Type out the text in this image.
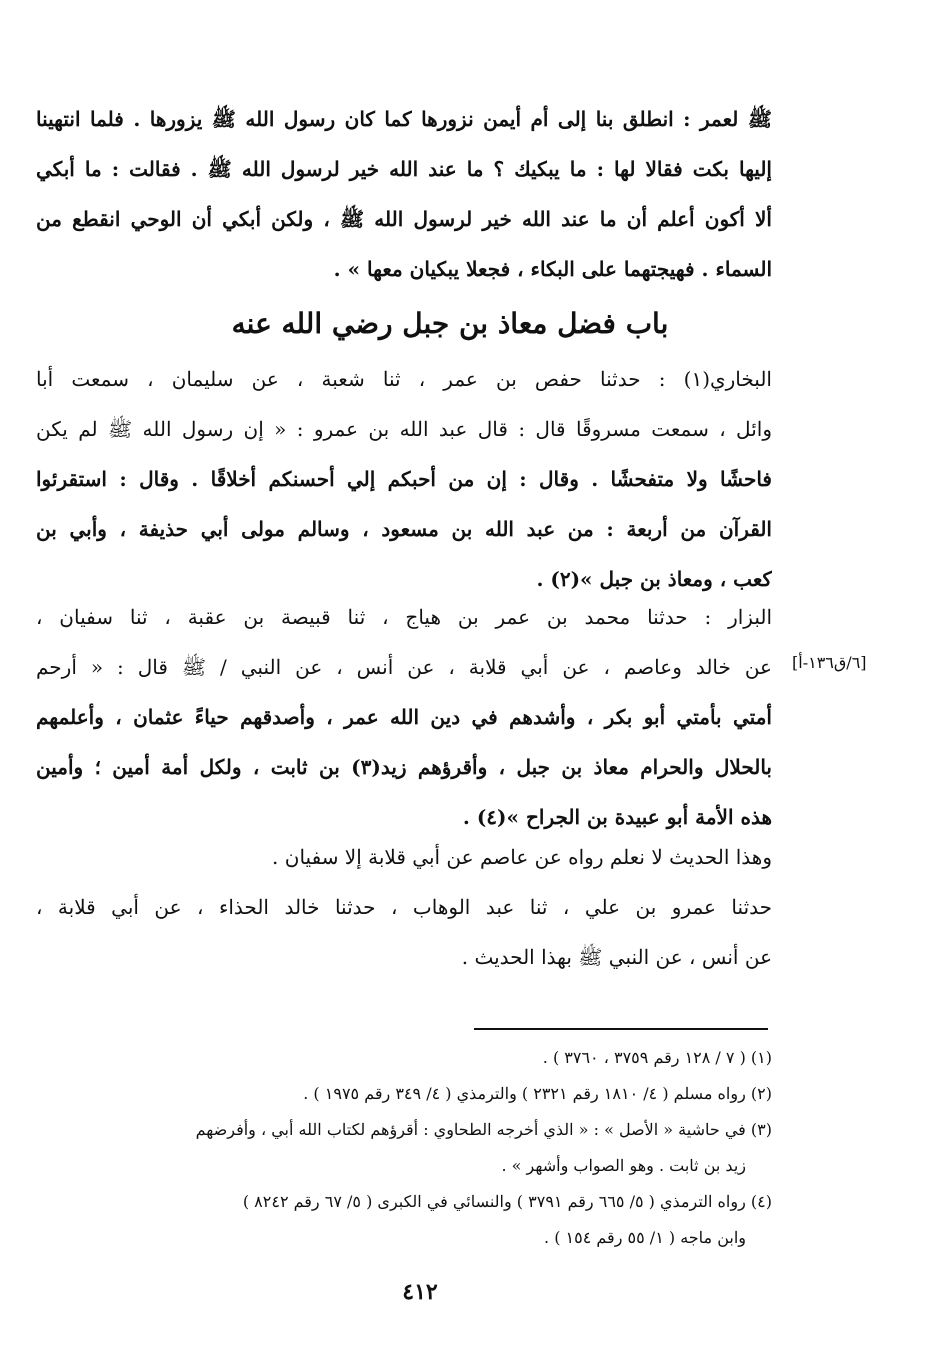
ﷺ لعمر : انطلق بنا إلى أم أيمن نزورها كما كان رسول الله ﷺ يزورها . فلما انتهينا
إليها بكت فقالا لها : ما يبكيك ؟ ما عند الله خير لرسول الله ﷺ . فقالت : ما أبكي
ألا أكون أعلم أن ما عند الله خير لرسول الله ﷺ ، ولكن أبكي أن الوحي انقطع من
السماء . فهيجتهما على البكاء ، فجعلا يبكيان معها » .
باب فضل معاذ بن جبل رضي الله عنه
البخاري(١) : حدثنا حفص بن عمر ، ثنا شعبة ، عن سليمان ، سمعت أبا
وائل ، سمعت مسروقًا قال : قال عبد الله بن عمرو : « إن رسول الله ﷺ لم يكن
فاحشًا ولا متفحشًا . وقال : إن من أحبكم إلي أحسنكم أخلاقًا . وقال : استقرئوا
القرآن من أربعة : من عبد الله بن مسعود ، وسالم مولى أبي حذيفة ، وأبي بن
كعب ، ومعاذ بن جبل »(٢) .
البزار : حدثنا محمد بن عمر بن هياج ، ثنا قبيصة بن عقبة ، ثنا سفيان ،
عن خالد وعاصم ، عن أبي قلابة ، عن أنس ، عن النبي / ﷺ قال : « أرحم
أمتي بأمتي أبو بكر ، وأشدهم في دين الله عمر ، وأصدقهم حياءً عثمان ، وأعلمهم
بالحلال والحرام معاذ بن جبل ، وأقرؤهم زيد(٣) بن ثابت ، ولكل أمة أمين ؛ وأمين
هذه الأمة أبو عبيدة بن الجراح »(٤) .
[٦/ق١٣٦-أ]
وهذا الحديث لا نعلم رواه عن عاصم عن أبي قلابة إلا سفيان .
حدثنا عمرو بن علي ، ثنا عبد الوهاب ، حدثنا خالد الحذاء ، عن أبي قلابة ،
عن أنس ، عن النبي ﷺ بهذا الحديث .
(١) ( ٧ / ١٢٨ رقم ٣٧٥٩ ، ٣٧٦٠ ) .
(٢) رواه مسلم ( ٤/ ١٨١٠ رقم ٢٣٢١ ) والترمذي ( ٤/ ٣٤٩ رقم ١٩٧٥ ) .
(٣) في حاشية « الأصل » : « الذي أخرجه الطحاوي : أقرؤهم لكتاب الله أبي ، وأفرضهم
زيد بن ثابت . وهو الصواب وأشهر » .
(٤) رواه الترمذي ( ٥/ ٦٦٥ رقم ٣٧٩١ ) والنسائي في الكبرى ( ٥/ ٦٧ رقم ٨٢٤٢ )
وابن ماجه ( ١/ ٥٥ رقم ١٥٤ ) .
٤١٢
